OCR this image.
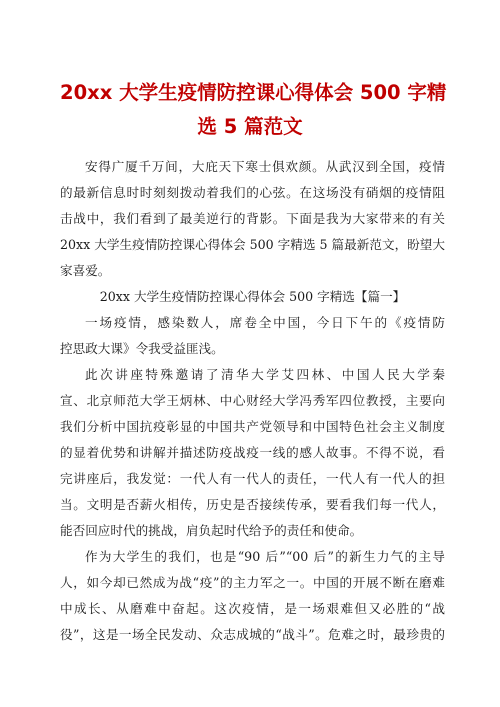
20xx 大学生疫情防控课心得体会 500 字精
选 5 篇范文
安得广厦千万间，大庇天下寒士俱欢颜。从武汉到全国，疫情
的最新信息时时刻刻拨动着我们的心弦。在这场没有硝烟的疫情阻
击战中，我们看到了最美逆行的背影。下面是我为大家带来的有关
20xx 大学生疫情防控课心得体会 500 字精选 5 篇最新范文，盼望大
家喜爱。
20xx 大学生疫情防控课心得体会 500 字精选【篇一】
一场疫情，感染数人，席卷全中国，今日下午的《疫情防
控思政大课》令我受益匪浅。
此次讲座特殊邀请了清华大学艾四林、中国人民大学秦
宣、北京师范大学王炳林、中心财经大学冯秀军四位教授，主要向
我们分析中国抗疫彰显的中国共产党领导和中国特色社会主义制度
的显着优势和讲解并描述防疫战疫一线的感人故事。不得不说，看
完讲座后，我发觉：一代人有一代人的责任，一代人有一代人的担
当。文明是否薪火相传，历史是否接续传承，要看我们每一代人，
能否回应时代的挑战，肩负起时代给予的责任和使命。
作为大学生的我们，也是“90 后”“00 后”的新生力气的主导
人，如今却已然成为战“疫”的主力军之一。中国的开展不断在磨难
中成长、从磨难中奋起。这次疫情，是一场艰难但又必胜的“战
役”，这是一场全民发动、众志成城的“战斗”。危难之时，最珍贵的
